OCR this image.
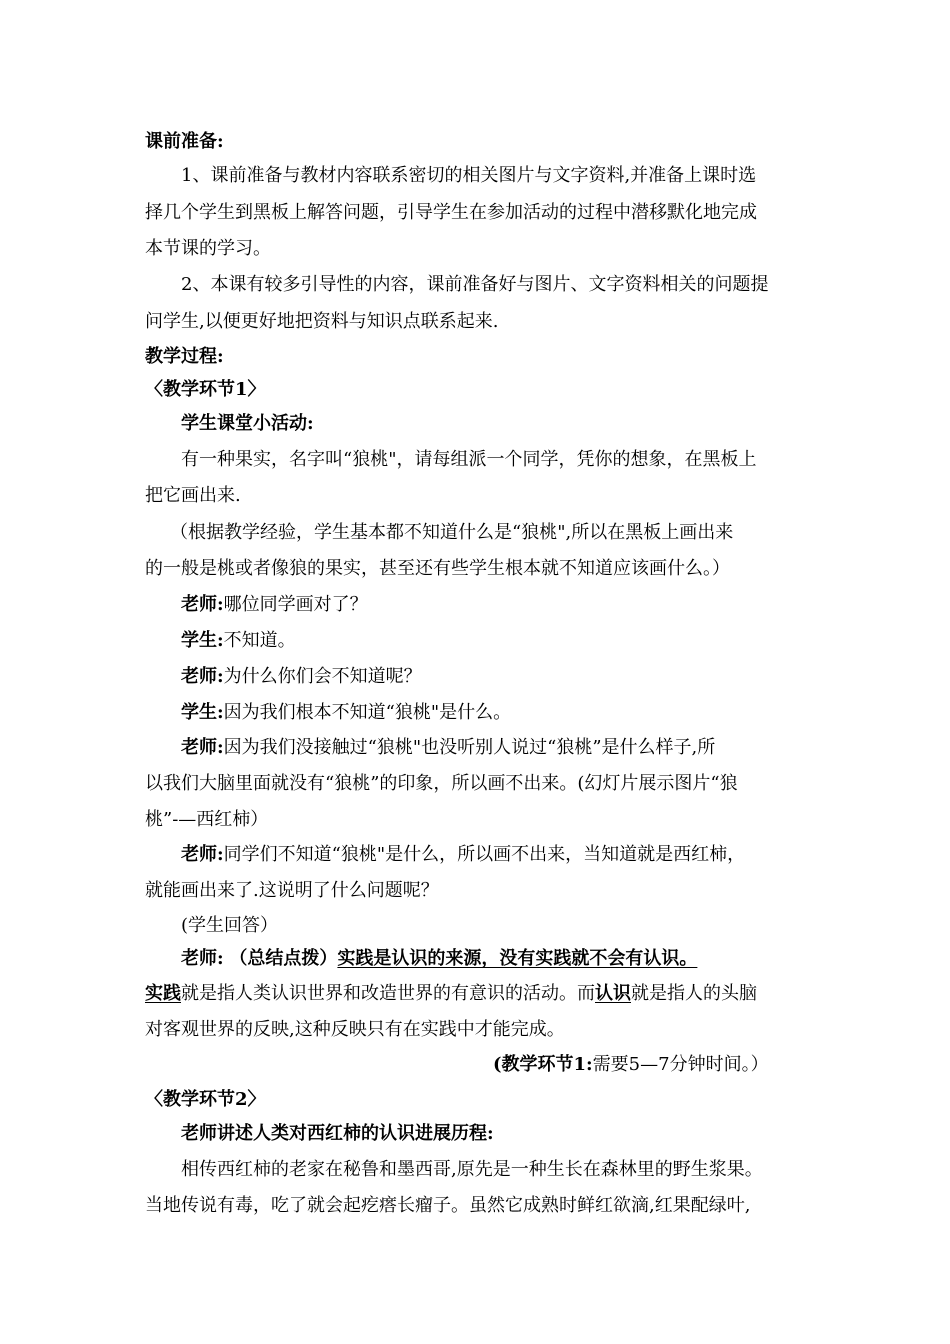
课前准备:
1、课前准备与教材内容联系密切的相关图片与文字资料,并准备上课时选
择几个学生到黑板上解答问题，引导学生在参加活动的过程中潜移默化地完成
本节课的学习。
2、本课有较多引导性的内容，课前准备好与图片、文字资料相关的问题提
问学生,以便更好地把资料与知识点联系起来.
教学过程:
〈教学环节1〉
学生课堂小活动:
有一种果实，名字叫“狼桃"，请每组派一个同学，凭你的想象，在黑板上
把它画出来.
（根据教学经验，学生基本都不知道什么是“狼桃",所以在黑板上画出来
的一般是桃或者像狼的果实，甚至还有些学生根本就不知道应该画什么。）
老师:哪位同学画对了？
学生:不知道。
老师:为什么你们会不知道呢？
学生:因为我们根本不知道“狼桃"是什么。
老师:因为我们没接触过“狼桃"也没听别人说过“狼桃”是什么样子,所
以我们大脑里面就没有“狼桃”的印象，所以画不出来。(幻灯片展示图片“狼
桃”-—西红柿）
老师:同学们不知道“狼桃"是什么，所以画不出来，当知道就是西红柿，
就能画出来了.这说明了什么问题呢？
(学生回答）
老师: （总结点拨）实践是认识的来源，没有实践就不会有认识。
实践就是指人类认识世界和改造世界的有意识的活动。而认识就是指人的头脑
对客观世界的反映,这种反映只有在实践中才能完成。
(教学环节1:需要5—7分钟时间。）
〈教学环节2〉
老师讲述人类对西红柿的认识进展历程:
相传西红柿的老家在秘鲁和墨西哥,原先是一种生长在森林里的野生浆果。
当地传说有毒，吃了就会起疙瘩长瘤子。虽然它成熟时鲜红欲滴,红果配绿叶,
